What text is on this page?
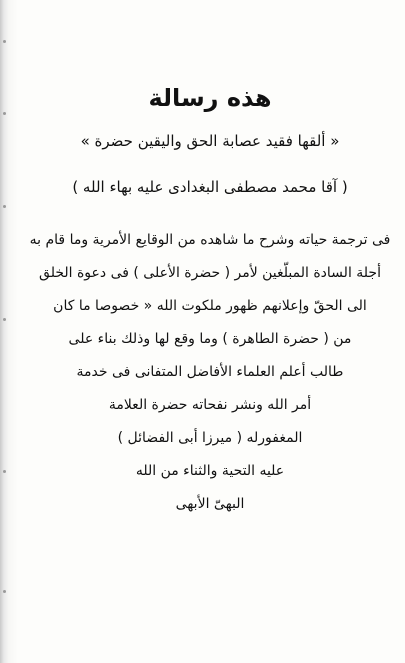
هذه رسالة
« ألقها فقيد عصابة الحق واليقين حضرة »
( آقا محمد مصطفى البغدادى عليه بهاء الله )
فى ترجمة حياته وشرح ما شاهده من الوقايع الأمرية وما قام به
أجلة السادة المبلّغين لأمر ( حضرة الأعلى ) فى دعوة الخلق
الى الحقّ وإعلانهم ظهور ملكوت الله « خصوصا ما كان
من ( حضرة الطاهرة ) وما وقع لها وذلك بناء على
طالب أعلم العلماء الأفاضل المتفانى فى خدمة
أمر الله ونشر نفحاته حضرة العلامة
المغفورله ( ميرزا أبى الفضائل )
عليه التحية والثناء من الله
البهىّ الأبهى
